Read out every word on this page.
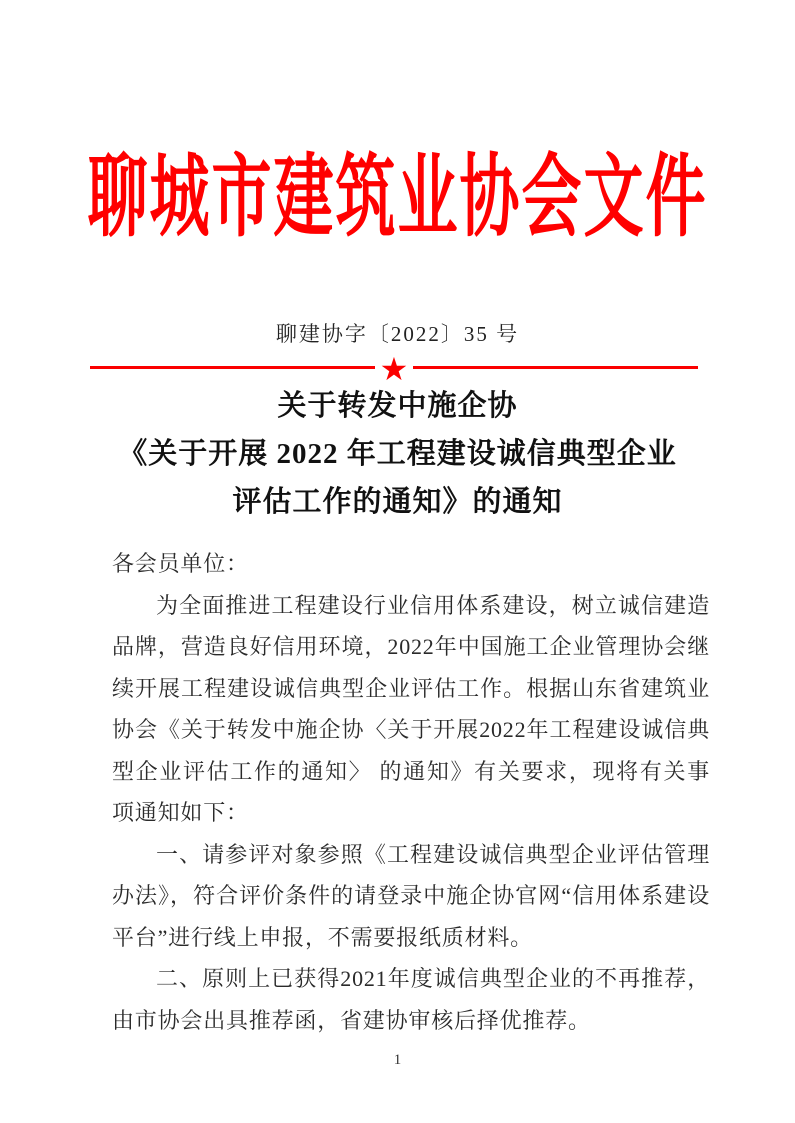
聊城市建筑业协会文件
聊建协字〔2022〕35 号
★
关于转发中施企协
《关于开展 2022 年工程建设诚信典型企业
评估工作的通知》的通知

各会员单位：

为全面推进工程建设行业信用体系建设，树立诚信建造品牌，营造良好信用环境，2022年中国施工企业管理协会继续开展工程建设诚信典型企业评估工作。根据山东省建筑业协会《关于转发中施企协〈关于开展2022年工程建设诚信典型企业评估工作的通知〉 的通知》有关要求，现将有关事项通知如下：

一、请参评对象参照《工程建设诚信典型企业评估管理办法》，符合评价条件的请登录中施企协官网“信用体系建设平台”进行线上申报，不需要报纸质材料。

二、原则上已获得2021年度诚信典型企业的不再推荐，由市协会出具推荐函，省建协审核后择优推荐。

1
